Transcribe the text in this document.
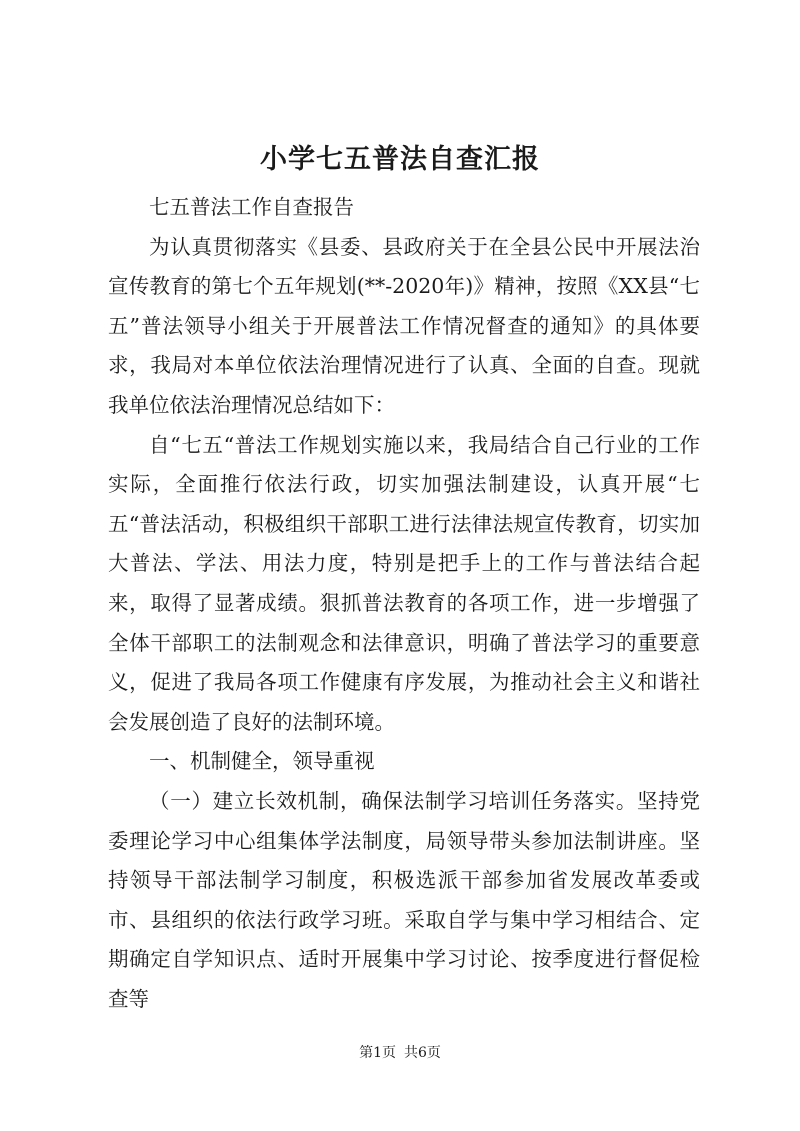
小学七五普法自查汇报

七五普法工作自查报告

为认真贯彻落实《县委、县政府关于在全县公民中开展法治宣传教育的第七个五年规划(**-2020年)》精神，按照《XX县“七五”普法领导小组关于开展普法工作情况督查的通知》的具体要求，我局对本单位依法治理情况进行了认真、全面的自查。现就我单位依法治理情况总结如下：

自“七五“普法工作规划实施以来，我局结合自己行业的工作实际，全面推行依法行政，切实加强法制建设，认真开展“七五“普法活动，积极组织干部职工进行法律法规宣传教育，切实加大普法、学法、用法力度，特别是把手上的工作与普法结合起来，取得了显著成绩。狠抓普法教育的各项工作，进一步增强了全体干部职工的法制观念和法律意识，明确了普法学习的重要意义，促进了我局各项工作健康有序发展，为推动社会主义和谐社会发展创造了良好的法制环境。

一、机制健全，领导重视

（一）建立长效机制，确保法制学习培训任务落实。坚持党委理论学习中心组集体学法制度，局领导带头参加法制讲座。坚持领导干部法制学习制度，积极选派干部参加省发展改革委或市、县组织的依法行政学习班。采取自学与集中学习相结合、定期确定自学知识点、适时开展集中学习讨论、按季度进行督促检查等

第1页 共6页
